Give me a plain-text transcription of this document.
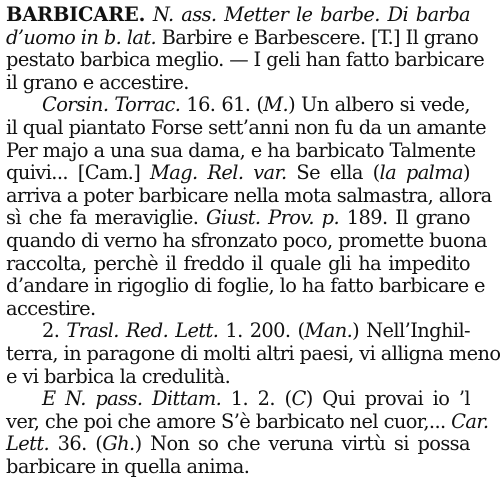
BARBICARE. N. ass. Metter le barbe. Di barba
d’uomo in b. lat. Barbire e Barbescere. [T.] Il grano
pestato barbica meglio. — I geli han fatto barbicare
il grano e accestire.
Corsin. Torrac. 16. 61. (M.) Un albero si vede,
il qual piantato Forse sett’anni non fu da un amante
Per majo a una sua dama, e ha barbicato Talmente
quivi... [Cam.] Mag. Rel. var. Se ella (la palma)
arriva a poter barbicare nella mota salmastra, allora
sì che fa meraviglie. Giust. Prov. p. 189. Il grano
quando di verno ha sfronzato poco, promette buona
raccolta, perchè il freddo il quale gli ha impedito
d’andare in rigoglio di foglie, lo ha fatto barbicare e
accestire.
2. Trasl. Red. Lett. 1. 200. (Man.) Nell’Inghil-
terra, in paragone di molti altri paesi, vi alligna meno
e vi barbica la credulità.
E N. pass. Dittam. 1. 2. (C) Qui provai io ’l
ver, che poi che amore S’è barbicato nel cuor,... Car.
Lett. 36. (Gh.) Non so che veruna virtù si possa
barbicare in quella anima.
